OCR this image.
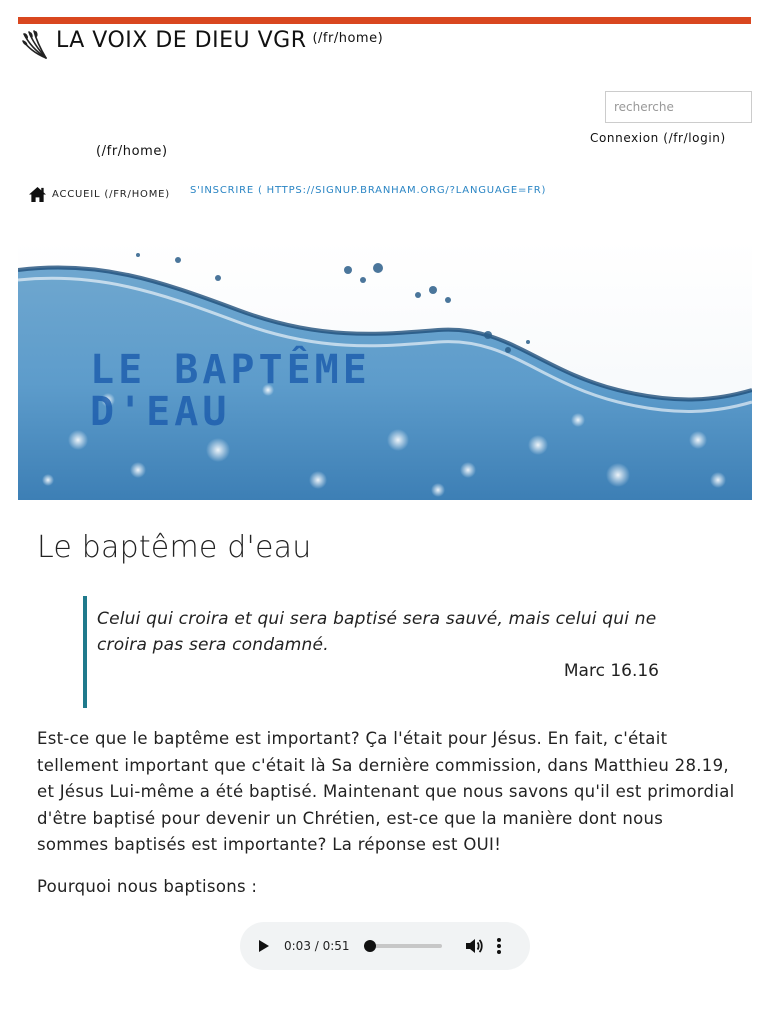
LA VOIX DE DIEU VGR (/fr/home)
recherche
Connexion (/fr/login)
(/fr/home)
ACCUEIL (/FR/HOME) S'INSCRIRE ( HTTPS://SIGNUP.BRANHAM.ORG/?LANGUAGE=FR)
LE BAPTÊME
D'EAU
Le baptême d'eau

Celui qui croira et qui sera baptisé sera sauvé, mais celui qui ne croira pas sera condamné.

Marc 16.16

Est-ce que le baptême est important? Ça l'était pour Jésus. En fait, c'était tellement important que c'était là Sa dernière commission, dans Matthieu 28.19, et Jésus Lui-même a été baptisé. Maintenant que nous savons qu'il est primordial d'être baptisé pour devenir un Chrétien, est-ce que la manière dont nous sommes baptisés est importante? La réponse est OUI!

Pourquoi nous baptisons :

0:03 / 0:51
